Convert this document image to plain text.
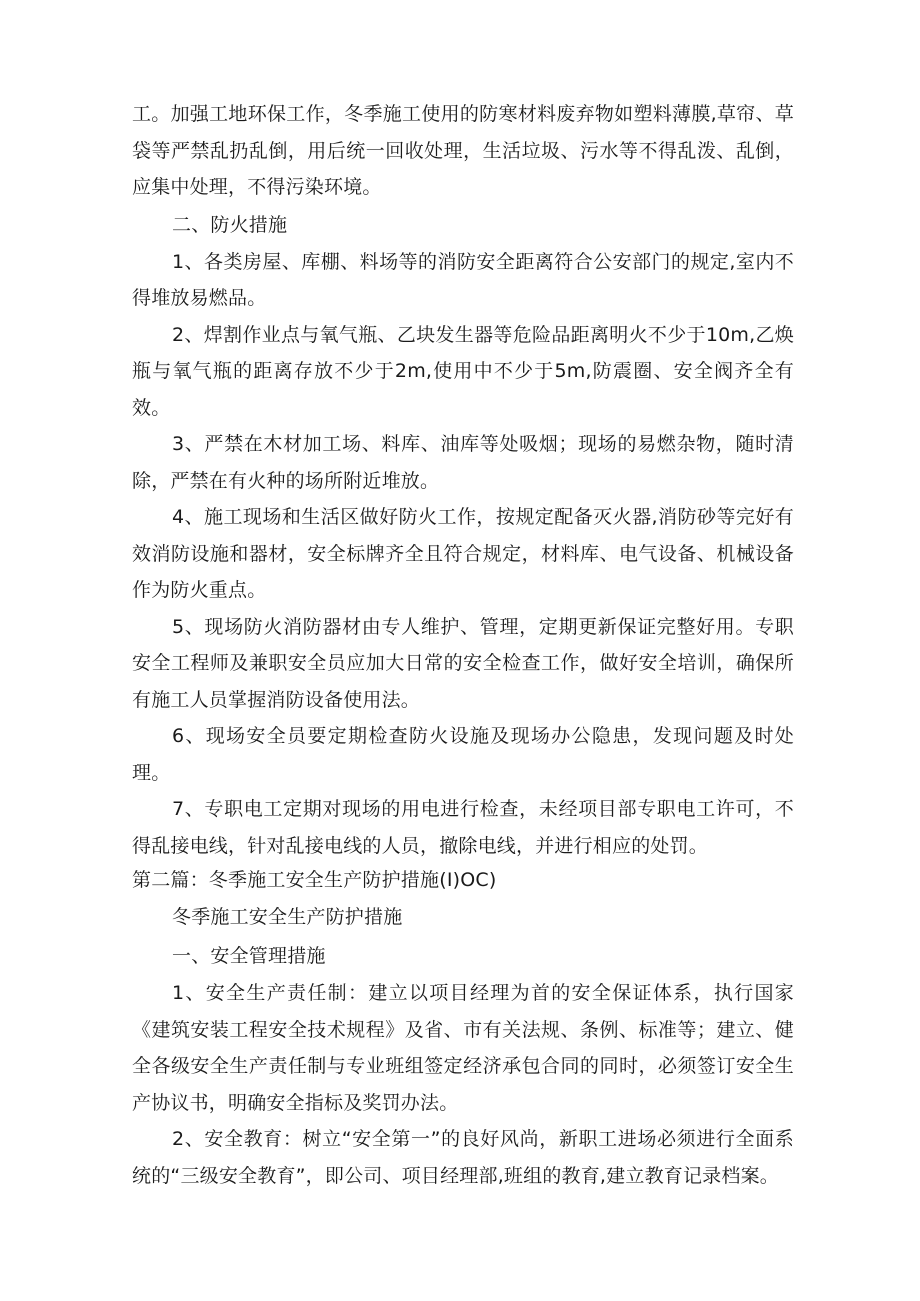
工。加强工地环保工作，冬季施工使用的防寒材料废弃物如塑料薄膜,草帘、草袋等严禁乱扔乱倒，用后统一回收处理，生活垃圾、污水等不得乱泼、乱倒，应集中处理，不得污染环境。

二、防火措施

1、各类房屋、库棚、料场等的消防安全距离符合公安部门的规定,室内不得堆放易燃品。

2、焊割作业点与氧气瓶、乙块发生器等危险品距离明火不少于10m,乙焕瓶与氧气瓶的距离存放不少于2m,使用中不少于5m,防震圈、安全阀齐全有效。

3、严禁在木材加工场、料库、油库等处吸烟；现场的易燃杂物，随时清除，严禁在有火种的场所附近堆放。

4、施工现场和生活区做好防火工作，按规定配备灭火器,消防砂等完好有效消防设施和器材，安全标牌齐全且符合规定，材料库、电气设备、机械设备作为防火重点。

5、现场防火消防器材由专人维护、管理，定期更新保证完整好用。专职安全工程师及兼职安全员应加大日常的安全检查工作，做好安全培训，确保所有施工人员掌握消防设备使用法。

6、现场安全员要定期检查防火设施及现场办公隐患，发现问题及时处理。

7、专职电工定期对现场的用电进行检查，未经项目部专职电工许可，不得乱接电线，针对乱接电线的人员，撤除电线，并进行相应的处罚。

第二篇：冬季施工安全生产防护措施(I)OC)

冬季施工安全生产防护措施

一、安全管理措施

1、安全生产责任制：建立以项目经理为首的安全保证体系，执行国家《建筑安装工程安全技术规程》及省、市有关法规、条例、标准等；建立、健全各级安全生产责任制与专业班组签定经济承包合同的同时，必须签订安全生产协议书，明确安全指标及奖罚办法。

2、安全教育：树立“安全第一”的良好风尚，新职工进场必须进行全面系统的“三级安全教育”，即公司、项目经理部,班组的教育,建立教育记录档案。
